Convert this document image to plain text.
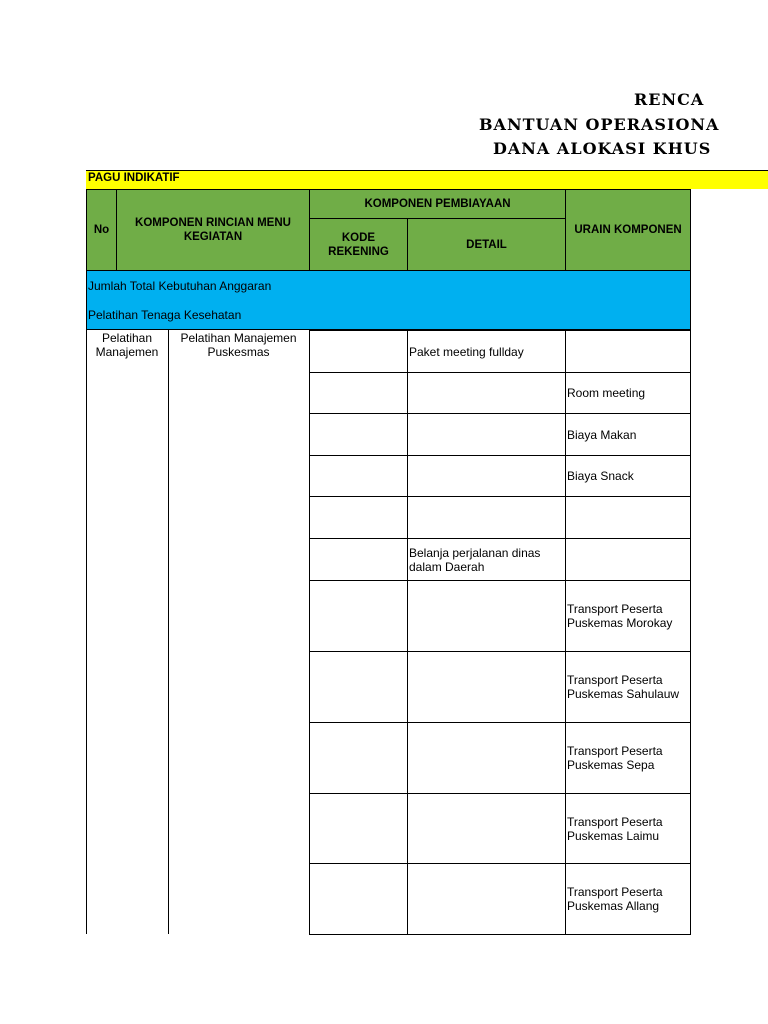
RENCA
BANTUAN OPERASIONA
DANA ALOKASI KHUS
PAGU INDIKATIF
No
KOMPONEN RINCIAN MENU KEGIATAN
KOMPONEN PEMBIAYAAN
KODE REKENING
DETAIL
URAIN KOMPONEN
Jumlah Total Kebutuhan Anggaran
Pelatihan Tenaga Kesehatan
Pelatihan Manajemen
Pelatihan Manajemen Puskesmas	Paket meeting fullday
Room meeting
Biaya Makan
Biaya Snack
Belanja perjalanan dinas dalam Daerah
Transport Peserta Puskemas Morokay
Transport Peserta Puskemas Sahulauw
Transport Peserta Puskemas Sepa
Transport Peserta Puskemas Laimu
Transport Peserta Puskemas Allang
